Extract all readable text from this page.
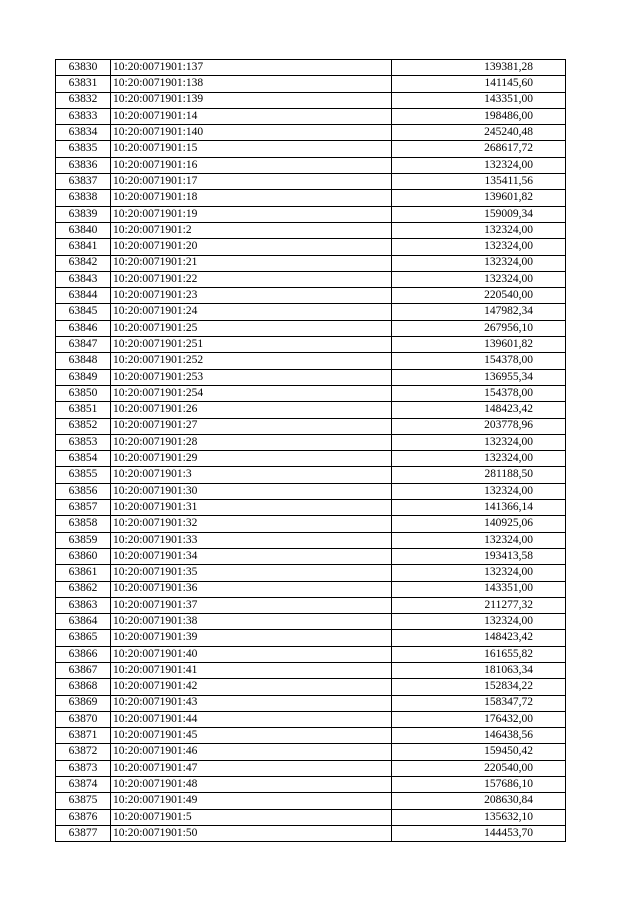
63830	10:20:0071901:137	139381,28
63831	10:20:0071901:138	141145,60
63832	10:20:0071901:139	143351,00
63833	10:20:0071901:14	198486,00
63834	10:20:0071901:140	245240,48
63835	10:20:0071901:15	268617,72
63836	10:20:0071901:16	132324,00
63837	10:20:0071901:17	135411,56
63838	10:20:0071901:18	139601,82
63839	10:20:0071901:19	159009,34
63840	10:20:0071901:2	132324,00
63841	10:20:0071901:20	132324,00
63842	10:20:0071901:21	132324,00
63843	10:20:0071901:22	132324,00
63844	10:20:0071901:23	220540,00
63845	10:20:0071901:24	147982,34
63846	10:20:0071901:25	267956,10
63847	10:20:0071901:251	139601,82
63848	10:20:0071901:252	154378,00
63849	10:20:0071901:253	136955,34
63850	10:20:0071901:254	154378,00
63851	10:20:0071901:26	148423,42
63852	10:20:0071901:27	203778,96
63853	10:20:0071901:28	132324,00
63854	10:20:0071901:29	132324,00
63855	10:20:0071901:3	281188,50
63856	10:20:0071901:30	132324,00
63857	10:20:0071901:31	141366,14
63858	10:20:0071901:32	140925,06
63859	10:20:0071901:33	132324,00
63860	10:20:0071901:34	193413,58
63861	10:20:0071901:35	132324,00
63862	10:20:0071901:36	143351,00
63863	10:20:0071901:37	211277,32
63864	10:20:0071901:38	132324,00
63865	10:20:0071901:39	148423,42
63866	10:20:0071901:40	161655,82
63867	10:20:0071901:41	181063,34
63868	10:20:0071901:42	152834,22
63869	10:20:0071901:43	158347,72
63870	10:20:0071901:44	176432,00
63871	10:20:0071901:45	146438,56
63872	10:20:0071901:46	159450,42
63873	10:20:0071901:47	220540,00
63874	10:20:0071901:48	157686,10
63875	10:20:0071901:49	208630,84
63876	10:20:0071901:5	135632,10
63877	10:20:0071901:50	144453,70
